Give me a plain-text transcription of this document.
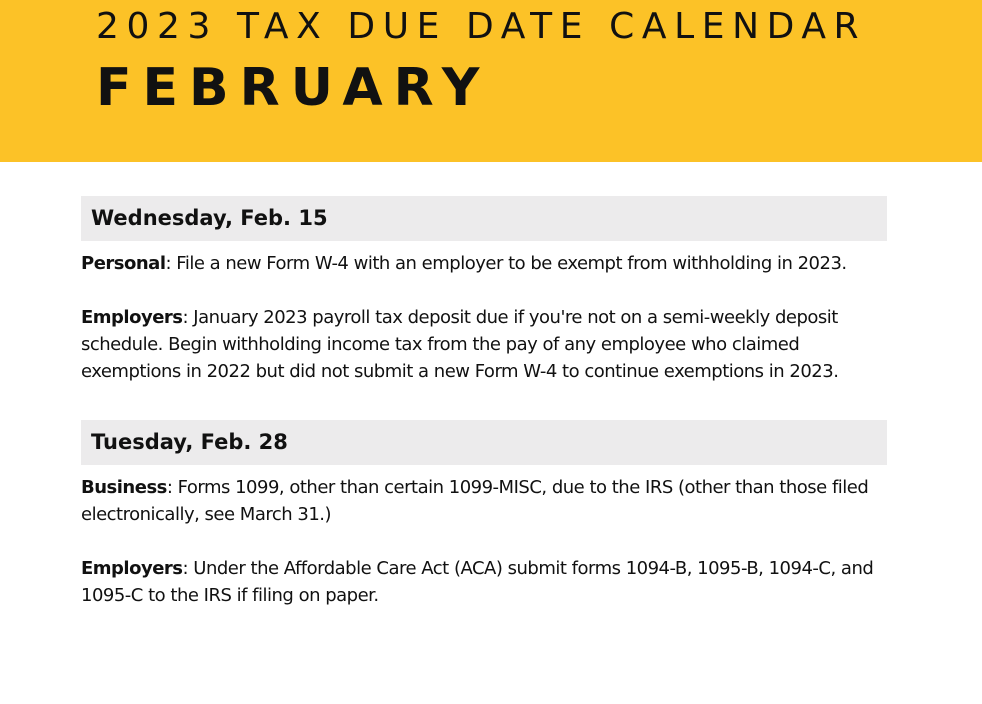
2023 TAX DUE DATE CALENDAR
FEBRUARY
Wednesday, Feb. 15

Personal: File a new Form W-4 with an employer to be exempt from withholding in 2023.

Employers: January 2023 payroll tax deposit due if you're not on a semi-weekly deposit schedule. Begin withholding income tax from the pay of any employee who claimed exemptions in 2022 but did not submit a new Form W-4 to continue exemptions in 2023.

Tuesday, Feb. 28

Business: Forms 1099, other than certain 1099-MISC, due to the IRS (other than those filed electronically, see March 31.)

Employers: Under the Affordable Care Act (ACA) submit forms 1094-B, 1095-B, 1094-C, and 1095-C to the IRS if filing on paper.
